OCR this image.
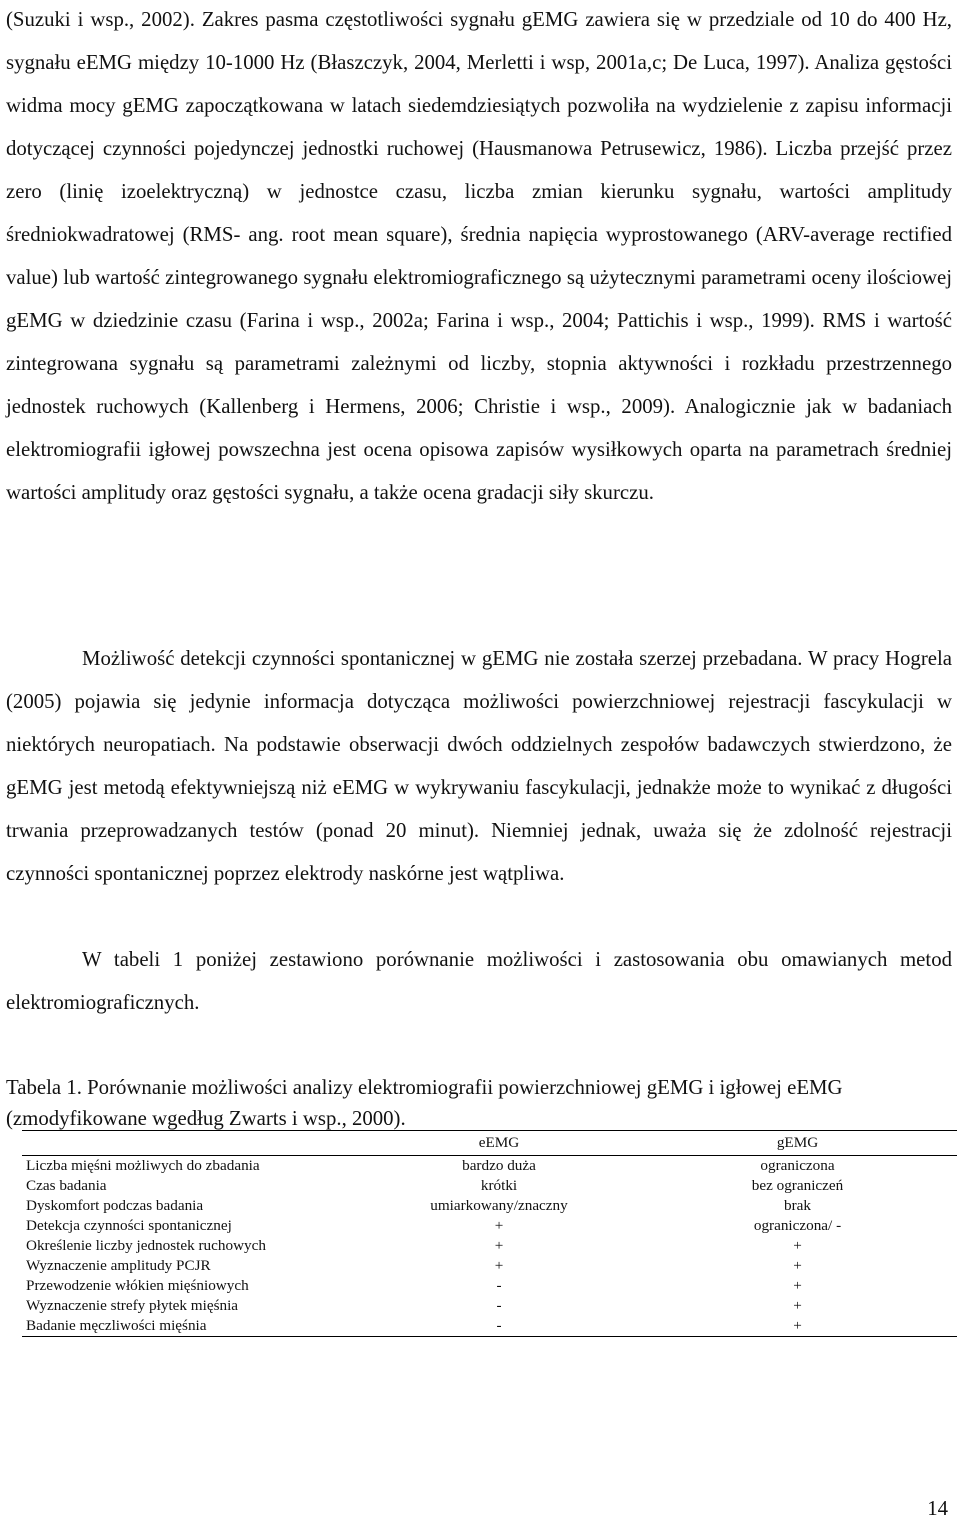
(Suzuki i wsp., 2002). Zakres pasma częstotliwości sygnału gEMG zawiera się w przedziale od 10 do 400 Hz, sygnału eEMG między 10-1000 Hz (Błaszczyk, 2004, Merletti i wsp, 2001a,c; De Luca, 1997). Analiza gęstości widma mocy gEMG zapoczątkowana w latach siedemdziesiątych pozwoliła na wydzielenie z zapisu informacji dotyczącej czynności pojedynczej jednostki ruchowej (Hausmanowa Petrusewicz, 1986). Liczba przejść przez zero (linię izoelektryczną) w jednostce czasu, liczba zmian kierunku sygnału, wartości amplitudy średniokwadratowej (RMS- ang. root mean square), średnia napięcia wyprostowanego (ARV-average rectified value) lub wartość zintegrowanego sygnału elektromiograficznego są użytecznymi parametrami oceny ilościowej gEMG w dziedzinie czasu (Farina i wsp., 2002a; Farina i wsp., 2004; Pattichis i wsp., 1999). RMS i wartość zintegrowana sygnału są parametrami zależnymi od liczby, stopnia aktywności i rozkładu przestrzennego jednostek ruchowych (Kallenberg i Hermens, 2006; Christie i wsp., 2009). Analogicznie jak w badaniach elektromiografii igłowej powszechna jest ocena opisowa zapisów wysiłkowych oparta na parametrach średniej wartości amplitudy oraz gęstości sygnału, a także ocena gradacji siły skurczu.

Możliwość detekcji czynności spontanicznej w gEMG nie została szerzej przebadana. W pracy Hogrela (2005) pojawia się jedynie informacja dotycząca możliwości powierzchniowej rejestracji fascykulacji w niektórych neuropatiach. Na podstawie obserwacji dwóch oddzielnych zespołów badawczych stwierdzono, że gEMG jest metodą efektywniejszą niż eEMG w wykrywaniu fascykulacji, jednakże może to wynikać z długości trwania przeprowadzanych testów (ponad 20 minut). Niemniej jednak, uważa się że zdolność rejestracji czynności spontanicznej poprzez elektrody naskórne jest wątpliwa.

W tabeli 1 poniżej zestawiono porównanie możliwości i zastosowania obu omawianych metod elektromiograficznych.

Tabela 1. Porównanie możliwości analizy elektromiografii powierzchniowej gEMG i igłowej eEMG (zmodyfikowane wgedług Zwarts i wsp., 2000).
	eEMG	gEMG
Liczba mięśni możliwych do zbadania	bardzo duża	ograniczona
Czas badania	krótki	bez ograniczeń
Dyskomfort podczas badania	umiarkowany/znaczny	brak
Detekcja czynności spontanicznej	+	ograniczona/ -
Określenie liczby jednostek ruchowych	+	+
Wyznaczenie amplitudy PCJR	+	+
Przewodzenie włókien mięśniowych	-	+
Wyznaczenie strefy płytek mięśnia	-	+
Badanie męczliwości mięśnia	-	+
14
